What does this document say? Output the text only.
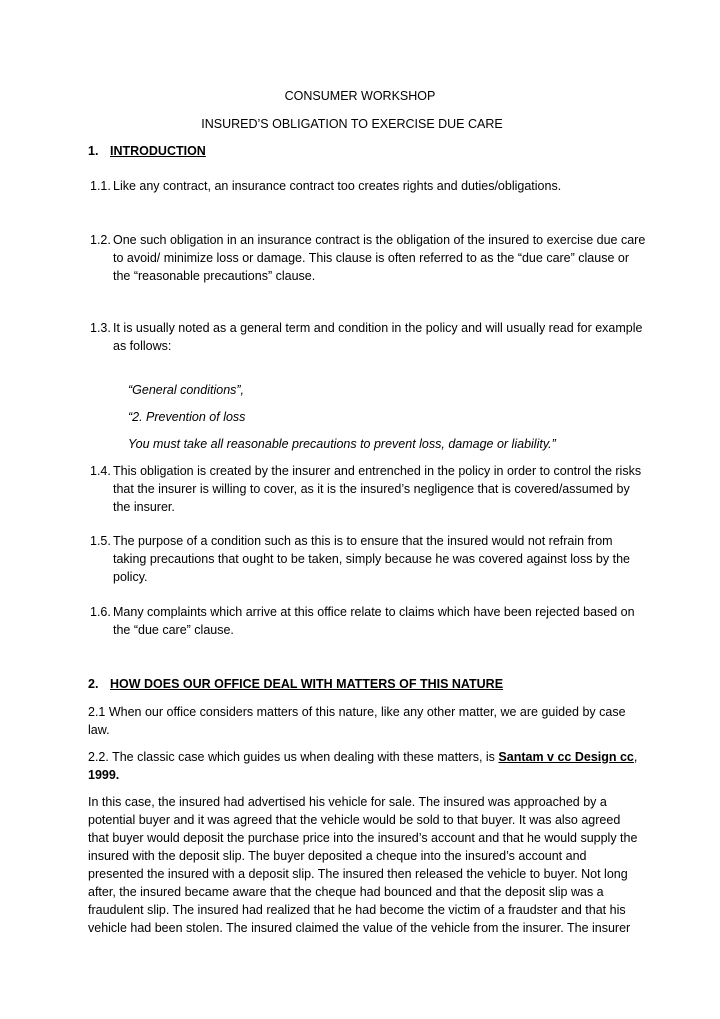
CONSUMER WORKSHOP
INSURED’S OBLIGATION TO EXERCISE DUE CARE
1. INTRODUCTION
1.1. Like any contract, an insurance contract too creates rights and duties/obligations.
1.2. One such obligation in an insurance contract is the obligation of the insured to exercise due care
to avoid/ minimize loss or damage. This clause is often referred to as the “due care” clause or
the “reasonable precautions” clause.
1.3. It is usually noted as a general term and condition in the policy and will usually read for example
as follows:
“General conditions”,
“2. Prevention of loss
You must take all reasonable precautions to prevent loss, damage or liability.”
1.4. This obligation is created by the insurer and entrenched in the policy in order to control the risks
that the insurer is willing to cover, as it is the insured’s negligence that is covered/assumed by
the insurer.
1.5. The purpose of a condition such as this is to ensure that the insured would not refrain from
taking precautions that ought to be taken, simply because he was covered against loss by the
policy.
1.6. Many complaints which arrive at this office relate to claims which have been rejected based on
the “due care” clause.
2. HOW DOES OUR OFFICE DEAL WITH MATTERS OF THIS NATURE
2.1 When our office considers matters of this nature, like any other matter, we are guided by case
law.
2.2. The classic case which guides us when dealing with these matters, is Santam v cc Design cc,
1999.
In this case, the insured had advertised his vehicle for sale. The insured was approached by a
potential buyer and it was agreed that the vehicle would be sold to that buyer. It was also agreed
that buyer would deposit the purchase price into the insured’s account and that he would supply the
insured with the deposit slip. The buyer deposited a cheque into the insured’s account and
presented the insured with a deposit slip. The insured then released the vehicle to buyer. Not long
after, the insured became aware that the cheque had bounced and that the deposit slip was a
fraudulent slip. The insured had realized that he had become the victim of a fraudster and that his
vehicle had been stolen. The insured claimed the value of the vehicle from the insurer. The insurer
